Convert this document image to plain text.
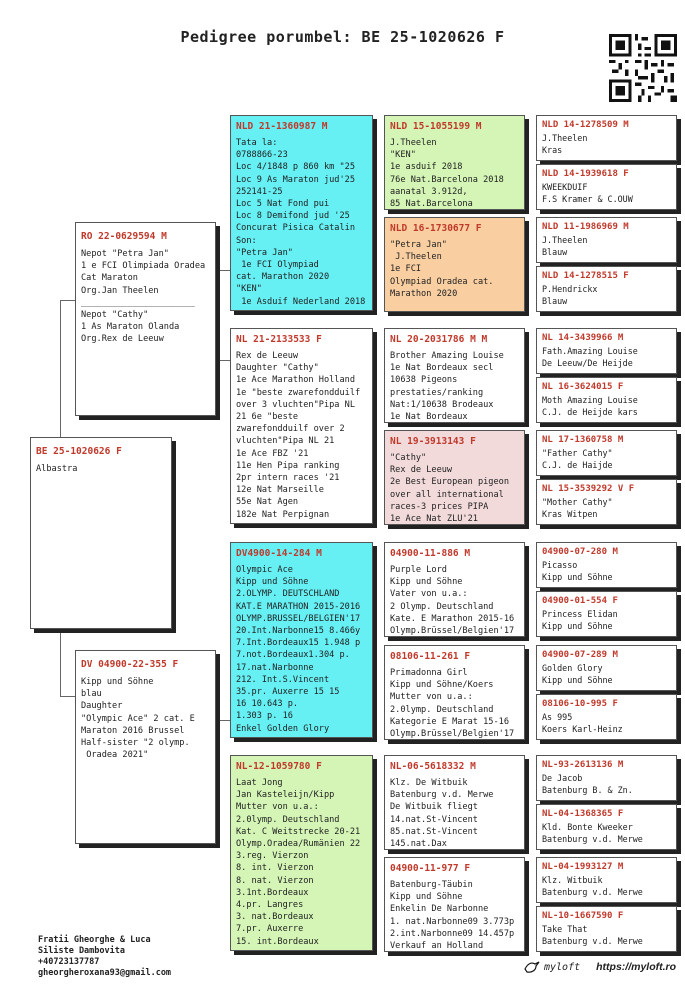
Pedigree porumbel: BE 25-1020626 F
BE 25-1020626 F
Albastra
RO 22-0629594 M
Nepot "Petra Jan"
1 e FCI Olimpiada Oradea
Cat Maraton
Org.Jan Theelen
______________________
Nepot "Cathy"
1 As Maraton Olanda
Org.Rex de Leeuw
DV 04900-22-355 F
Kipp und Söhne
blau
Daughter
"Olympic Ace" 2 cat. E
Maraton 2016 Brussel
Half-sister "2 olymp.
Oradea 2021"
NLD 21-1360987 M
Tata la:
0788866-23
Loc 4/1848 p 860 km "25
Loc 9 As Maraton jud'25
252141-25
Loc 5 Nat Fond pui
Loc 8 Demifond jud '25
Concurat Pisica Catalin
Son:
"Petra Jan"
1e FCI Olympiad
cat. Marathon 2020
"KEN"
1e Asduif Nederland 2018
NL 21-2133533 F
Rex de Leeuw
Daughter "Cathy"
1e Ace Marathon Holland
1e "beste zwarefondduilf
over 3 vluchten"Pipa NL
21 6e "beste
zwarefondduilf over 2
vluchten"Pipa NL 21
1e Ace FBZ '21
11e Hen Pipa ranking
2pr intern races '21
12e Nat Marseille
55e Nat Agen
182e Nat Perpignan
DV4900-14-284 M
Olympic Ace
Kipp und Söhne
2.OLYMP. DEUTSCHLAND
KAT.E MARATHON 2015-2016
OLYMP.BRUSSEL/BELGIEN'17
20.Int.Narbonne15 8.466y
7.Int.Bordeaux15 1.948 p
7.not.Bordeaux1.304 p.
17.nat.Narbonne
212. Int.S.Vincent
35.pr. Auxerre 15 15
16 10.643 p.
1.303 p. 16
Enkel Golden Glory
NL-12-1059780 F
Laat Jong
Jan Kasteleijn/Kipp
Mutter von u.a.:
2.0lymp. Deutschland
Kat. C Weitstrecke 20-21
Olymp.Oradea/Rumänien 22
3.reg. Vierzon
8. int. Vierzon
8. nat. Vierzon
3.1nt.Bordeaux
4.pr. Langres
3. nat.Bordeaux
7.pr. Auxerre
15. int.Bordeaux
NLD 15-1055199 M
J.Theelen
"KEN"
1e asduif 2018
76e Nat.Barcelona 2018
aanatal 3.912d,
85 Nat.Barcelona
NLD 16-1730677 F
"Petra Jan"
J.Theelen
1e FCI
Olympiad Oradea cat.
Marathon 2020
NL 20-2031786 M M
Brother Amazing Louise
1e Nat Bordeaux secl
10638 Pigeons
prestaties/ranking
Nat:1/10638 Brodeaux
1e Nat Bordeaux
NL 19-3913143 F
"Cathy"
Rex de Leeuw
2e Best European pigeon
over all international
races-3 prices PIPA
1e Ace Nat ZLU'21
04900-11-886 M
Purple Lord
Kipp und Söhne
Vater von u.a.:
2 Olymp. Deutschland
Kate. E Marathon 2015-16
Olymp.Brüssel/Belgien'17
08106-11-261 F
Primadonna Girl
Kipp und Söhne/Koers
Mutter von u.a.:
2.0lymp. Deutschland
Kategorie E Marat 15-16
Olymp.Brüssel/Belgien'17
NL-06-5618332 M
Klz. De Witbuik
Batenburg v.d. Merwe
De Witbuik fliegt
14.nat.St-Vincent
85.nat.St-Vincent
145.nat.Dax
04900-11-977 F
Batenburg-Täubin
Kipp und Söhne
Enkelin De Narbonne
1. nat.Narbonne09 3.773p
2.int.Narbonne09 14.457p
Verkauf an Holland
NLD 14-1278509 M
J.Theelen
Kras
NLD 14-1939618 F
KWEEKDUIF
F.S Kramer & C.OUW
NLD 11-1986969 M
J.Theelen
Blauw
NLD 14-1278515 F
P.Hendrickx
Blauw
NL 14-3439966 M
Fath.Amazing Louise
De Leeuw/De Heijde
NL 16-3624015 F
Moth Amazing Louise
C.J. de Heijde kars
NL 17-1360758 M
"Father Cathy"
C.J. de Haijde
NL 15-3539292 V F
"Mother Cathy"
Kras Witpen
04900-07-280 M
Picasso
Kipp und Söhne
04900-01-554 F
Princess Elidan
Kipp und Söhne
04900-07-289 M
Golden Glory
Kipp und Söhne
08106-10-995 F
As 995
Koers Karl-Heinz
NL-93-2613136 M
De Jacob
Batenburg B. & Zn.
NL-04-1368365 F
Kld. Bonte Kweeker
Batenburg v.d. Merwe
NL-04-1993127 M
Klz. Witbuik
Batenburg v.d. Merwe
NL-10-1667590 F
Take That
Batenburg v.d. Merwe
Fratii Gheorghe & Luca
Siliste Dambovita
+40723137787
gheorgheroxana93@gmail.com
myloft https://myloft.ro
